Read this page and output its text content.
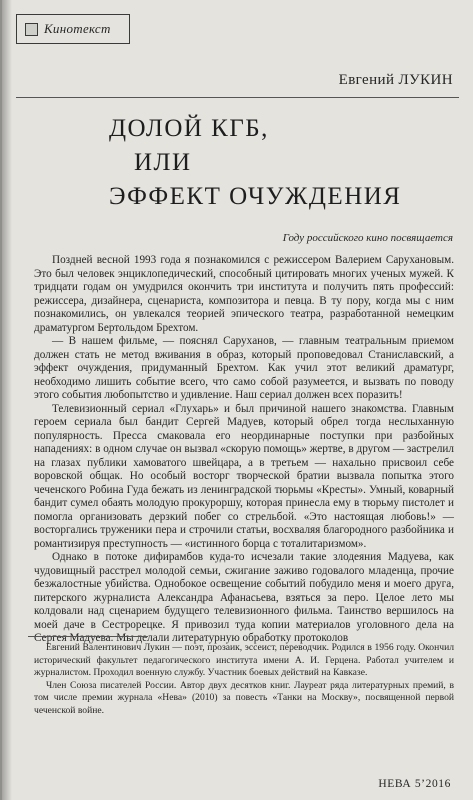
Кинотекст
Евгений ЛУКИН
ДОЛОЙ КГБ,
ИЛИ
ЭФФЕКТ ОЧУЖДЕНИЯ
Году российского кино посвящается

Поздней весной 1993 года я познакомился с режиссером Валерием Сарухановым. Это был человек энциклопедический, способный цитировать многих ученых мужей. К тридцати годам он умудрился окончить три института и получить пять профессий: режиссера, дизайнера, сценариста, композитора и певца. В ту пору, когда мы с ним познакомились, он увлекался теорией эпического театра, разработанной немецким драматургом Бертольдом Брехтом.

— В нашем фильме, — пояснял Сарухaнов, — главным театральным приемом должен стать не метод вживания в образ, который проповедовал Станиславский, а эффект очуждения, придуманный Брехтом. Как учил этот великий драматург, необходимо лишить событие всего, что само собой разумеется, и вызвать по поводу этого события любопытство и удивление. Наш сериал должен всех поразить!

Телевизионный сериал «Глухарь» и был причиной нашего знакомства. Главным героем сериала был бандит Сергей Мадуев, который обрел тогда неслыханную популярность. Пресса смаковала его неординарные поступки при разбойных нападениях: в одном случае он вызвал «скорую помощь» жертве, в другом — застрелил на глазах публики хамоватого швейцара, а в третьем — нахально присвоил себе воровской общак. Но особый восторг творческой братии вызвала попытка этого чеченского Робина Гуда бежать из ленинградской тюрьмы «Кресты». Умный, коварный бандит сумел обаять молодую прокуроршу, которая принесла ему в тюрьму пистолет и помогла организовать дерзкий побег со стрельбой. «Это настоящая любовь!» — восторгались труженики пера и строчили статьи, восхваляя благородного разбойника и романтизируя преступность — «истинного борца с тоталитаризмом».

Однако в потоке дифирамбов куда-то исчезали такие злодеяния Мадуева, как чудовищный расстрел молодой семьи, сжигание заживо годовалого младенца, прочие безжалостные убийства. Однобокое освещение событий побудило меня и моего друга, питерского журналиста Александра Афанасьева, взяться за перо. Целое лето мы колдовали над сценарием будущего телевизионного фильма. Таинство вершилось на моей даче в Сестрорецке. Я привозил туда копии материалов уголовного дела на Сергея Мадуева. Мы делали литературную обработку протоколов

Евгений Валентинович Лукин — поэт, прозаик, эссеист, переводчик. Родился в 1956 году. Окончил исторический факультет педагогического института имени А. И. Герцена. Работал учителем и журналистом. Проходил военную службу. Участник боевых действий на Кавказе.

Член Союза писателей России. Автор двух десятков книг. Лауреат ряда литературных премий, в том числе премии журнала «Нева» (2010) за повесть «Танки на Москву», посвященной первой чеченской войне.

НЕВА 5’2016
